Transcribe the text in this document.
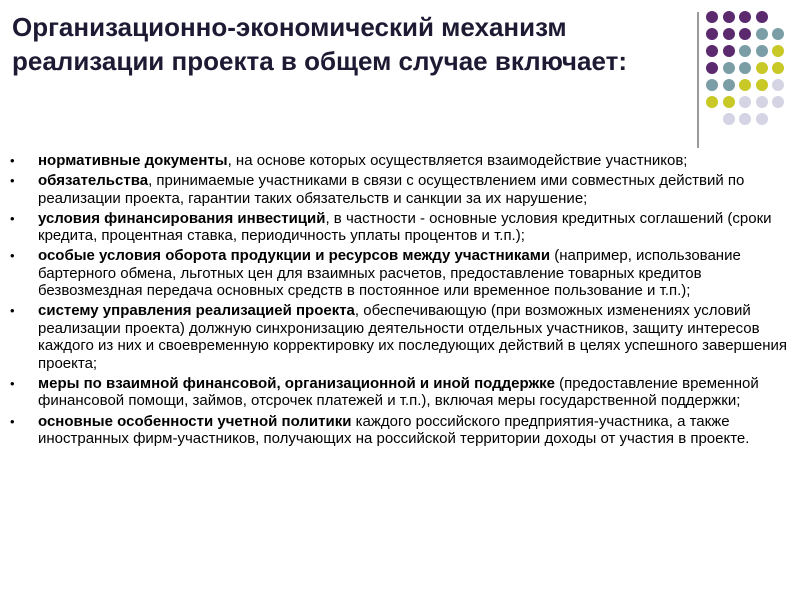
Организационно-экономический механизм реализации проекта в общем случае включает:
• нормативные документы, на основе которых осуществляется взаимодействие участников;
• обязательства, принимаемые участниками в связи с осуществлением ими совместных действий по реализации проекта, гарантии таких обязательств и санкции за их нарушение;
• условия финансирования инвестиций, в частности - основные условия кредитных соглашений (сроки кредита, процентная ставка, периодичность уплаты процентов и т.п.);
• особые условия оборота продукции и ресурсов между участниками (например, использование бартерного обмена, льготных цен для взаимных расчетов, предоставление товарных кредитов безвозмездная передача основных средств в постоянное или временное пользование и т.п.);
• систему управления реализацией проекта, обеспечивающую (при возможных изменениях условий реализации проекта) должную синхронизацию деятельности отдельных участников, защиту интересов каждого из них и своевременную корректировку их последующих действий в целях успешного завершения проекта;
• меры по взаимной финансовой, организационной и иной поддержке (предоставление временной финансовой помощи, займов, отсрочек платежей и т.п.), включая меры государственной поддержки;
• основные особенности учетной политики каждого российского предприятия-участника, а также иностранных фирм-участников, получающих на российской территории доходы от участия в проекте.
